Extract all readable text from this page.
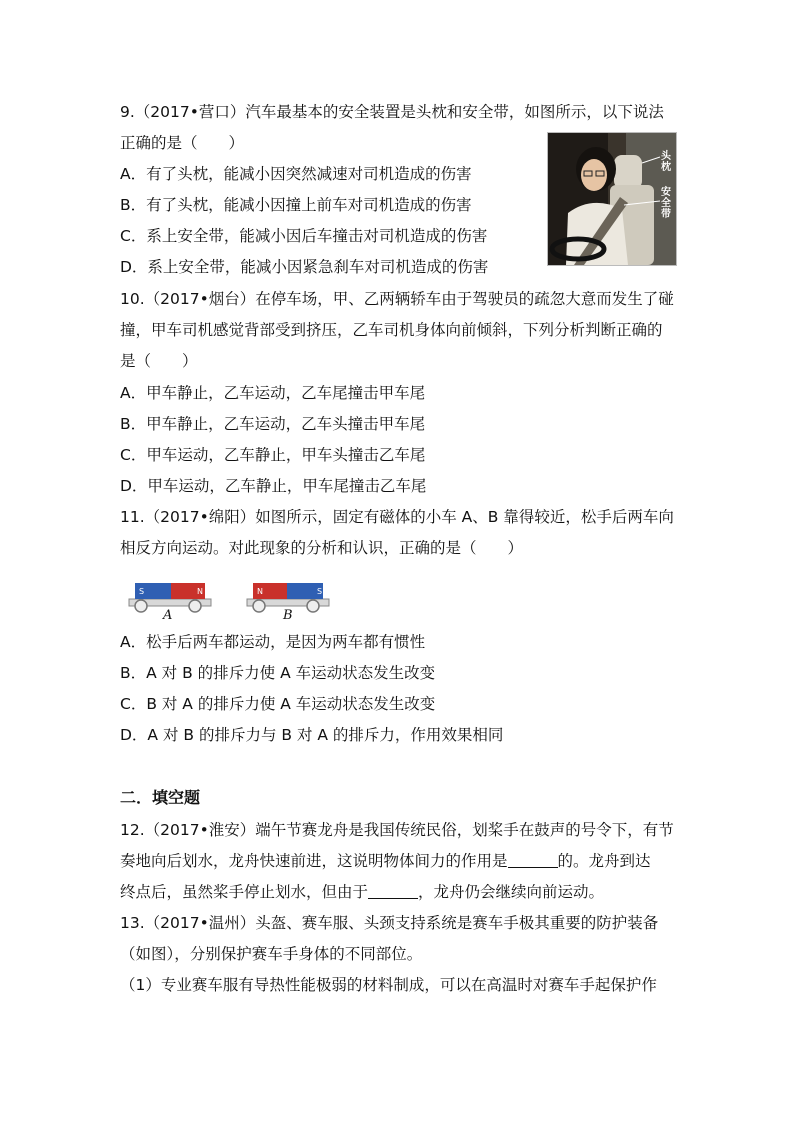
9.（2017•营口）汽车最基本的安全装置是头枕和安全带，如图所示，以下说法
正确的是（　　）
A．有了头枕，能减小因突然减速对司机造成的伤害
B．有了头枕，能减小因撞上前车对司机造成的伤害
C．系上安全带，能减小因后车撞击对司机造成的伤害
D．系上安全带，能减小因紧急刹车对司机造成的伤害
头枕
安全带
10.（2017•烟台）在停车场，甲、乙两辆轿车由于驾驶员的疏忽大意而发生了碰
撞，甲车司机感觉背部受到挤压，乙车司机身体向前倾斜，下列分析判断正确的
是（　　）
A．甲车静止，乙车运动，乙车尾撞击甲车尾
B．甲车静止，乙车运动，乙车头撞击甲车尾
C．甲车运动，乙车静止，甲车头撞击乙车尾
D．甲车运动，乙车静止，甲车尾撞击乙车尾
11.（2017•绵阳）如图所示，固定有磁体的小车 A、B 靠得较近，松手后两车向
相反方向运动。对此现象的分析和认识，正确的是（　　）
S	N	N	S
A	B
A．松手后两车都运动，是因为两车都有惯性
B．A 对 B 的排斥力使 A 车运动状态发生改变
C．B 对 A 的排斥力使 A 车运动状态发生改变
D．A 对 B 的排斥力与 B 对 A 的排斥力，作用效果相同
二．填空题
12.（2017•淮安）端午节赛龙舟是我国传统民俗，划桨手在鼓声的号令下，有节
奏地向后划水，龙舟快速前进，这说明物体间力的作用是	的。龙舟到达
终点后，虽然桨手停止划水，但由于	，龙舟仍会继续向前运动。
13.（2017•温州）头盔、赛车服、头颈支持系统是赛车手极其重要的防护装备
（如图），分别保护赛车手身体的不同部位。
（1）专业赛车服有导热性能极弱的材料制成，可以在高温时对赛车手起保护作
